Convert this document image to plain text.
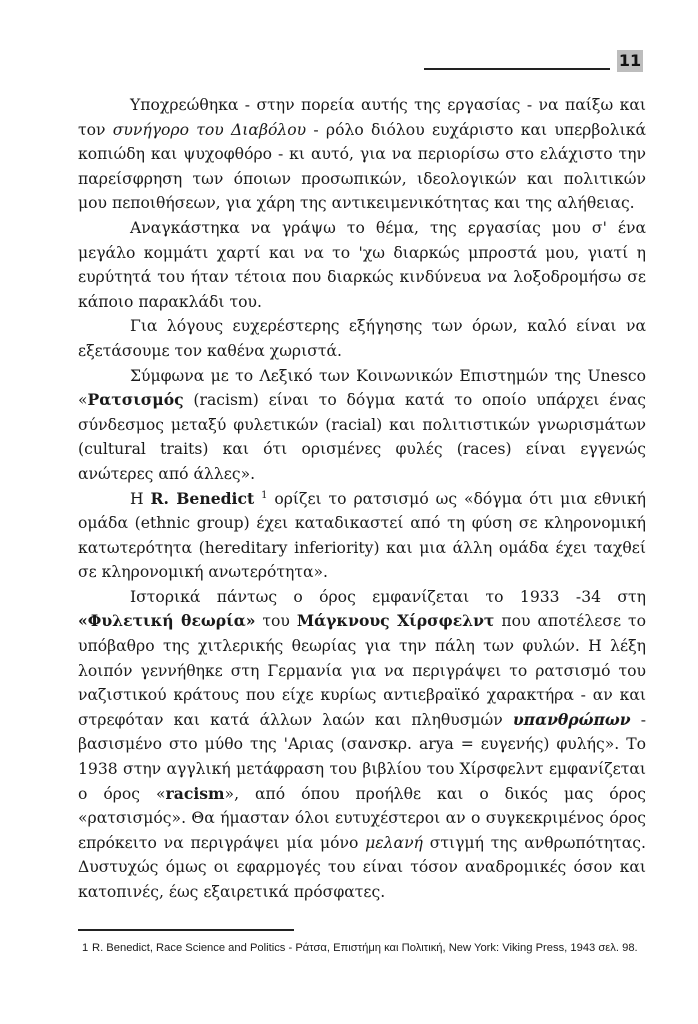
11

Υποχρεώθηκα - στην πορεία αυτής της εργασίας - να παίξω και τον συνήγορο του Διαβόλου - ρόλο διόλου ευχάριστο και υπερβολικά κοπιώδη και ψυχοφθόρο - κι αυτό, για να περιορίσω στο ελάχιστο την παρείσφρηση των όποιων προσωπικών, ιδεολογικών και πολιτικών μου πεποιθήσεων, για χάρη της αντικειμενικότητας και της αλήθειας.

Αναγκάστηκα να γράψω το θέμα, της εργασίας μου σ' ένα μεγάλο κομμάτι χαρτί και να το 'χω διαρκώς μπροστά μου, γιατί η ευρύτητά του ήταν τέτοια που διαρκώς κινδύνευα να λοξοδρομήσω σε κάποιο παρακλάδι του.

Για λόγους ευχερέστερης εξήγησης των όρων, καλό είναι να εξετάσουμε τον καθένα χωριστά.

Σύμφωνα με το Λεξικό των Κοινωνικών Επιστημών της Unesco «Ρατσισμός (racism) είναι το δόγμα κατά το οποίο υπάρχει ένας σύνδεσμος μεταξύ φυλετικών (racial) και πολιτιστικών γνωρισμάτων (cultural traits) και ότι ορισμένες φυλές (races) είναι εγγενώς ανώτερες από άλλες».

Η R. Benedict $^1$ ορίζει το ρατσισμό ως «δόγμα ότι μια εθνική ομάδα (ethnic group) έχει καταδικαστεί από τη φύση σε κληρονομική κατωτερότητα (hereditary inferiority) και μια άλλη ομάδα έχει ταχθεί σε κληρονομική ανωτερότητα».

Ιστορικά πάντως ο όρος εμφανίζεται το 1933 -34 στη «Φυλετική θεωρία» του Μάγκνους Χίρσφελντ που αποτέλεσε το υπόβαθρο της χιτλερικής θεωρίας για την πάλη των φυλών. Η λέξη λοιπόν γεννήθηκε στη Γερμανία για να περιγράψει το ρατσισμό του ναζιστικού κράτους που είχε κυρίως αντιεβραϊκό χαρακτήρα - αν και στρεφόταν και κατά άλλων λαών και πληθυσμών υπανθρώπων - βασισμένο στο μύθο της 'Αριας (σανσκρ. arya = ευγενής) φυλής». Το 1938 στην αγγλική μετάφραση του βιβλίου του Χίρσφελντ εμφανίζεται ο όρος «racism», από όπου προήλθε και ο δικός μας όρος «ρατσισμός». Θα ήμασταν όλοι ευτυχέστεροι αν ο συγκεκριμένος όρος επρόκειτο να περιγράψει μία μόνο μελανή στιγμή της ανθρωπότητας. Δυστυχώς όμως οι εφαρμογές του είναι τόσον αναδρομικές όσον και κατοπινές, έως εξαιρετικά πρόσφατες.

1 R. Benedict, Race Science and Politics - Ράτσα, Επιστήμη και Πολιτική, New York: Viking Press, 1943 σελ. 98.
